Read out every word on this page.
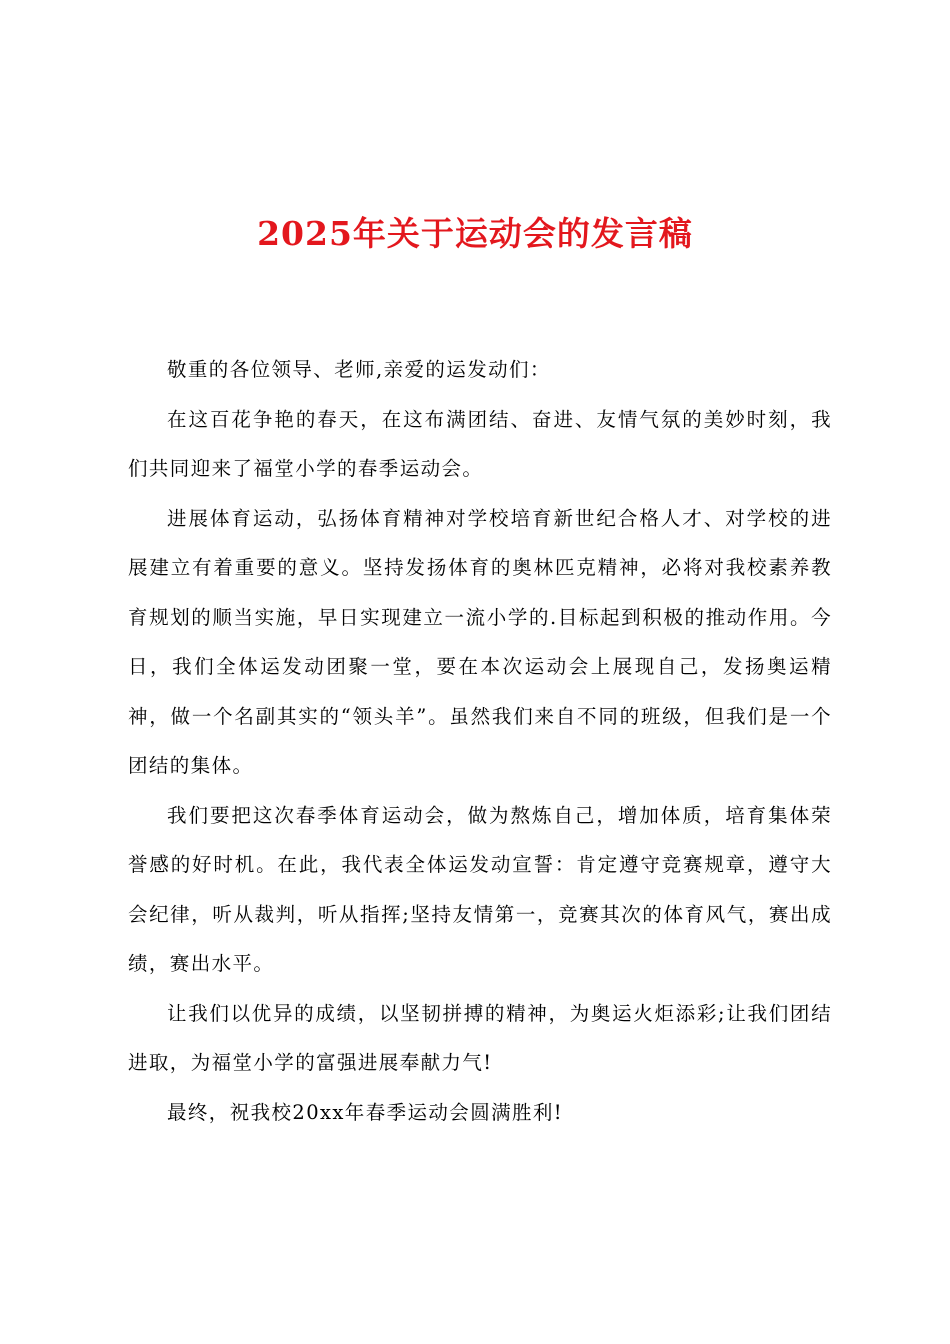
2025年关于运动会的发言稿

敬重的各位领导、老师,亲爱的运发动们：

在这百花争艳的春天，在这布满团结、奋进、友情气氛的美妙时刻，我们共同迎来了福堂小学的春季运动会。

进展体育运动，弘扬体育精神对学校培育新世纪合格人才、对学校的进展建立有着重要的意义。坚持发扬体育的奥林匹克精神，必将对我校素养教育规划的顺当实施，早日实现建立一流小学的.目标起到积极的推动作用。今日，我们全体运发动团聚一堂，要在本次运动会上展现自己，发扬奥运精神，做一个名副其实的“领头羊”。虽然我们来自不同的班级，但我们是一个团结的集体。

我们要把这次春季体育运动会，做为熬炼自己，增加体质，培育集体荣誉感的好时机。在此，我代表全体运发动宣誓：肯定遵守竞赛规章，遵守大会纪律，听从裁判，听从指挥;坚持友情第一，竞赛其次的体育风气，赛出成绩，赛出水平。

让我们以优异的成绩，以坚韧拼搏的精神，为奥运火炬添彩;让我们团结进取，为福堂小学的富强进展奉献力气!

最终，祝我校20xx年春季运动会圆满胜利!
